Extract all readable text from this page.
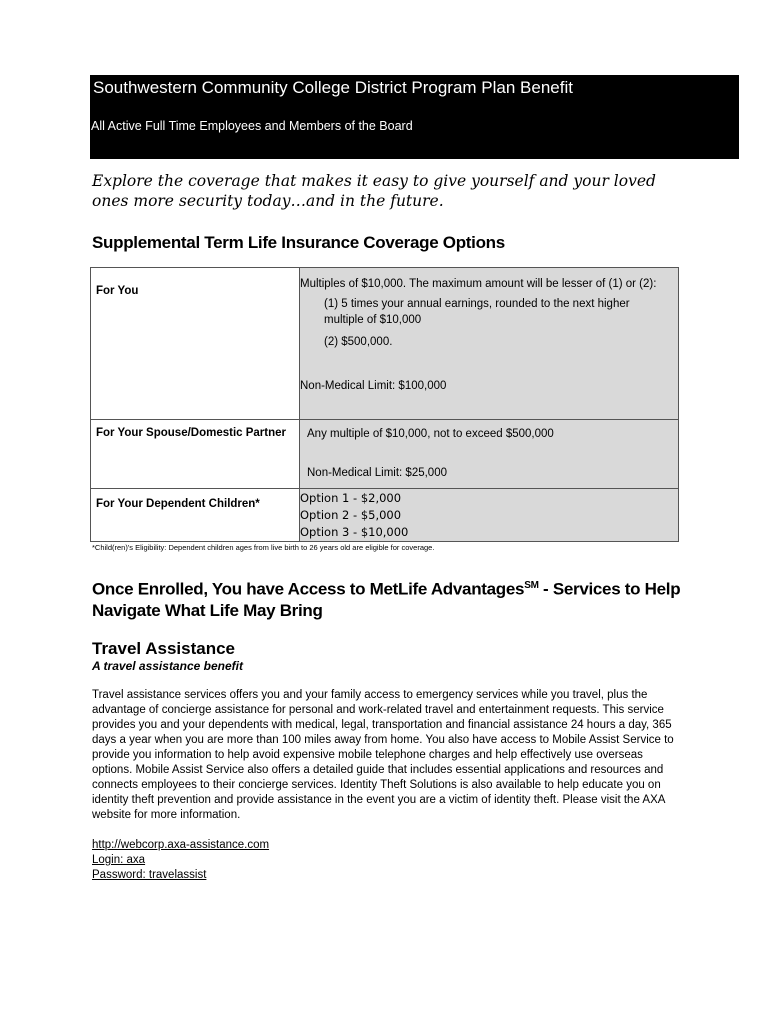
Southwestern Community College District Program Plan Benefit
All Active Full Time Employees and Members of the Board
Explore the coverage that makes it easy to give yourself and your loved ones more security today…and in the future.
Supplemental Term Life Insurance Coverage Options
For You	Multiples of $10,000. The maximum amount will be lesser of (1) or (2):

(1) 5 times your annual earnings, rounded to the next higher multiple of $10,000

(2) $500,000.

Non-Medical Limit: $100,000

For Your Spouse/Domestic Partner	Any multiple of $10,000, not to exceed $500,000

Non-Medical Limit: $25,000

For Your Dependent Children*	Option 1 - $2,000
Option 2 - $5,000
Option 3 - $10,000
*Child(ren)'s Eligibility: Dependent children ages from live birth to 26 years old are eligible for coverage.
Once Enrolled, You have Access to MetLife Advantages℠ - Services to Help Navigate What Life May Bring
Travel Assistance
A travel assistance benefit
Travel assistance services offers you and your family access to emergency services while you travel, plus the advantage of concierge assistance for personal and work-related travel and entertainment requests. This service provides you and your dependents with medical, legal, transportation and financial assistance 24 hours a day, 365 days a year when you are more than 100 miles away from home. You also have access to Mobile Assist Service to provide you information to help avoid expensive mobile telephone charges and help effectively use overseas options. Mobile Assist Service also offers a detailed guide that includes essential applications and resources and connects employees to their concierge services. Identity Theft Solutions is also available to help educate you on identity theft prevention and provide assistance in the event you are a victim of identity theft. Please visit the AXA website for more information.
http://webcorp.axa-assistance.com
Login: axa
Password: travelassist
